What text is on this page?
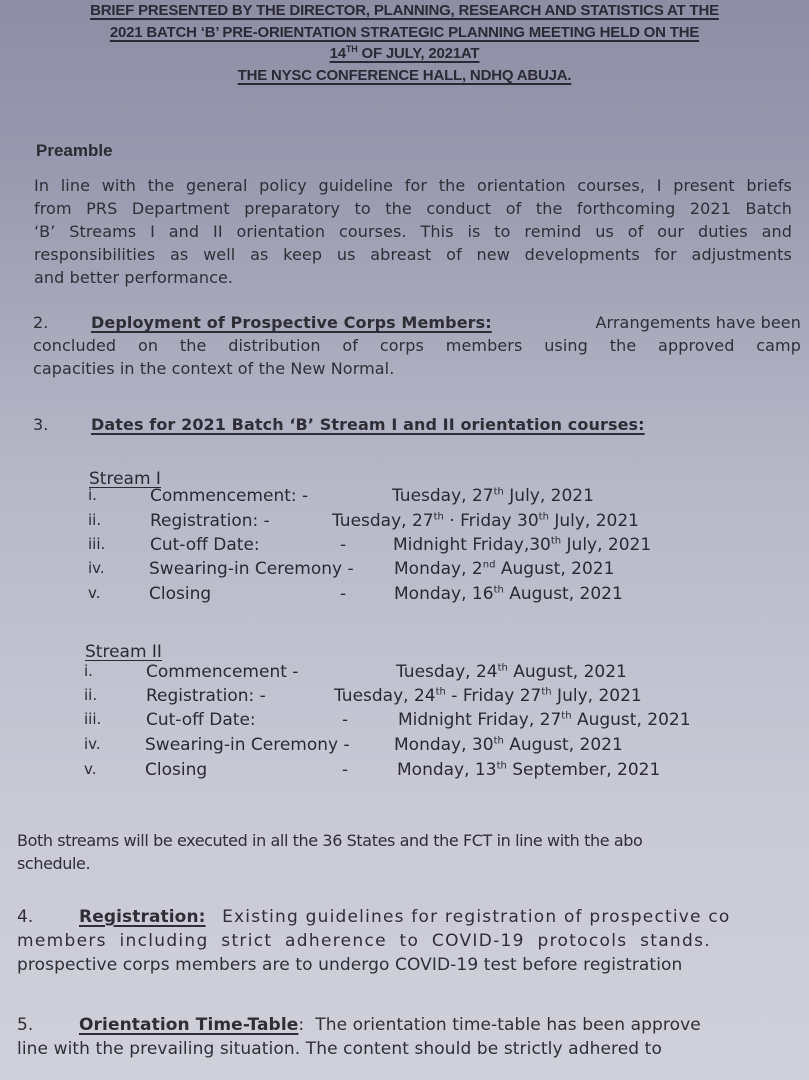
BRIEF PRESENTED BY THE DIRECTOR, PLANNING, RESEARCH AND STATISTICS AT THE
2021 BATCH ‘B’ PRE-ORIENTATION STRATEGIC PLANNING MEETING HELD ON THE
14TH OF JULY, 2021AT
THE NYSC CONFERENCE HALL, NDHQ ABUJA.
Preamble
In line with the general policy guideline for the orientation courses, I present briefs
from PRS Department preparatory to the conduct of the forthcoming 2021 Batch
‘B’ Streams I and II orientation courses. This is to remind us of our duties and
responsibilities as well as keep us abreast of new developments for adjustments
and better performance.
2.	Deployment of Prospective Corps Members:	Arrangements have been
concluded on the distribution of corps members using the approved camp
capacities in the context of the New Normal.
3.	Dates for 2021 Batch ‘B’ Stream I and II orientation courses:
Stream I
i.	Commencement: -	Tuesday, 27th July, 2021
ii.	Registration: -	Tuesday, 27th · Friday 30th July, 2021
iii.	Cut-off Date:	-	Midnight Friday,30th July, 2021
iv.	Swearing-in Ceremony - Monday, 2nd August, 2021
v.	Closing	-	Monday, 16th August, 2021
Stream II
i.	Commencement -	Tuesday, 24th August, 2021
ii.	Registration: -	Tuesday, 24th - Friday 27th July, 2021
iii.	Cut-off Date:	-	Midnight Friday, 27th August, 2021
iv.	Swearing-in Ceremony -	Monday, 30th August, 2021
v.	Closing	-	Monday, 13th September, 2021
Both streams will be executed in all the 36 States and the FCT in line with the abo
schedule.
4.	Registration: Existing guidelines for registration of prospective co
members including strict adherence to COVID-19 protocols stands.
prospective corps members are to undergo COVID-19 test before registration
5.	Orientation Time-Table: The orientation time-table has been approve
line with the prevailing situation. The content should be strictly adhered to
